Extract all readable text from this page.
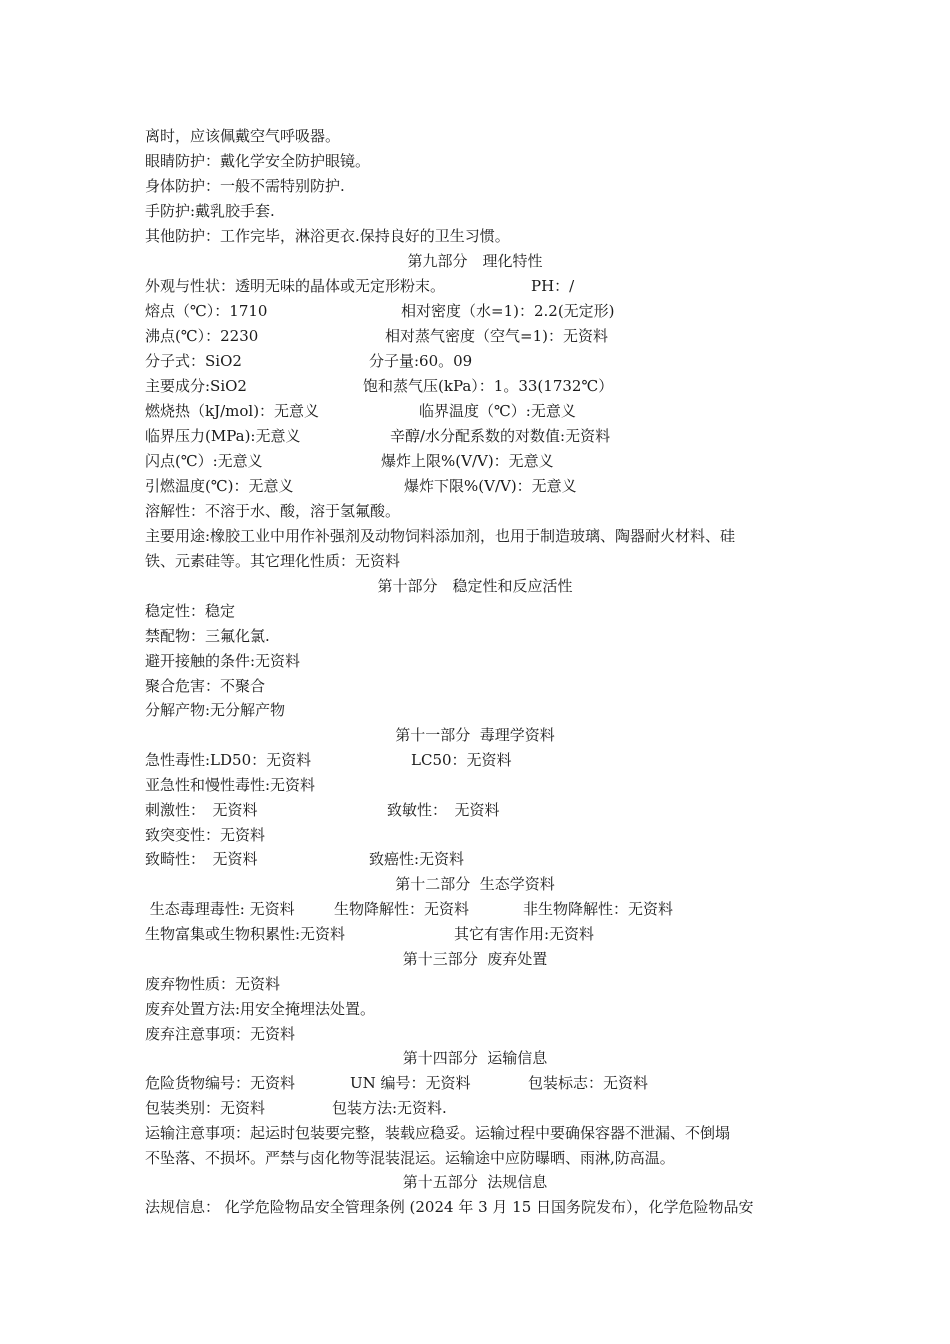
离时，应该佩戴空气呼吸器。
眼睛防护：戴化学安全防护眼镜。
身体防护：一般不需特别防护.
手防护:戴乳胶手套.
其他防护：工作完毕，淋浴更衣.保持良好的卫生习惯。
第九部分　理化特性
外观与性状：透明无味的晶体或无定形粉末。	PH：/
熔点（℃）：1710	相对密度（水=1)：2.2(无定形)
沸点(℃）：2230	相对蒸气密度（空气=1)：无资料
分子式：SiO2	分子量:60。09
主要成分:SiO2	饱和蒸气压(kPa）：1。33(1732℃）
燃烧热（kJ/mol)：无意义	临界温度（℃）:无意义
临界压力(MPa):无意义	辛醇/水分配系数的对数值:无资料
闪点(℃）:无意义	爆炸上限%(V/V)：无意义
引燃温度(℃)：无意义	爆炸下限%(V/V)：无意义
溶解性：不溶于水、酸，溶于氢氟酸。
主要用途:橡胶工业中用作补强剂及动物饲料添加剂，也用于制造玻璃、陶器耐火材料、硅
铁、元素硅等。其它理化性质：无资料
第十部分　稳定性和反应活性
稳定性：稳定
禁配物：三氟化氯.
避开接触的条件:无资料
聚合危害：不聚合
分解产物:无分解产物
第十一部分  毒理学资料
急性毒性:LD50：无资料	LC50：无资料
亚急性和慢性毒性:无资料
刺激性：　无资料	致敏性：　无资料
致突变性：无资料
致畸性：　无资料	致癌性:无资料
第十二部分  生态学资料
生态毒理毒性: 无资料	生物降解性：无资料	非生物降解性：无资料
生物富集或生物积累性:无资料	其它有害作用:无资料
第十三部分  废弃处置
废弃物性质：无资料
废弃处置方法:用安全掩埋法处置。
废弃注意事项：无资料
第十四部分  运输信息
危险货物编号：无资料	UN 编号：无资料	包装标志：无资料
包装类别：无资料	包装方法:无资料.
运输注意事项：起运时包装要完整，装载应稳妥。运输过程中要确保容器不泄漏、不倒塌
不坠落、不损坏。严禁与卤化物等混装混运。运输途中应防曝晒、雨淋,防高温。
第十五部分  法规信息
法规信息： 化学危险物品安全管理条例 (2024 年 3 月 15 日国务院发布），化学危险物品安
